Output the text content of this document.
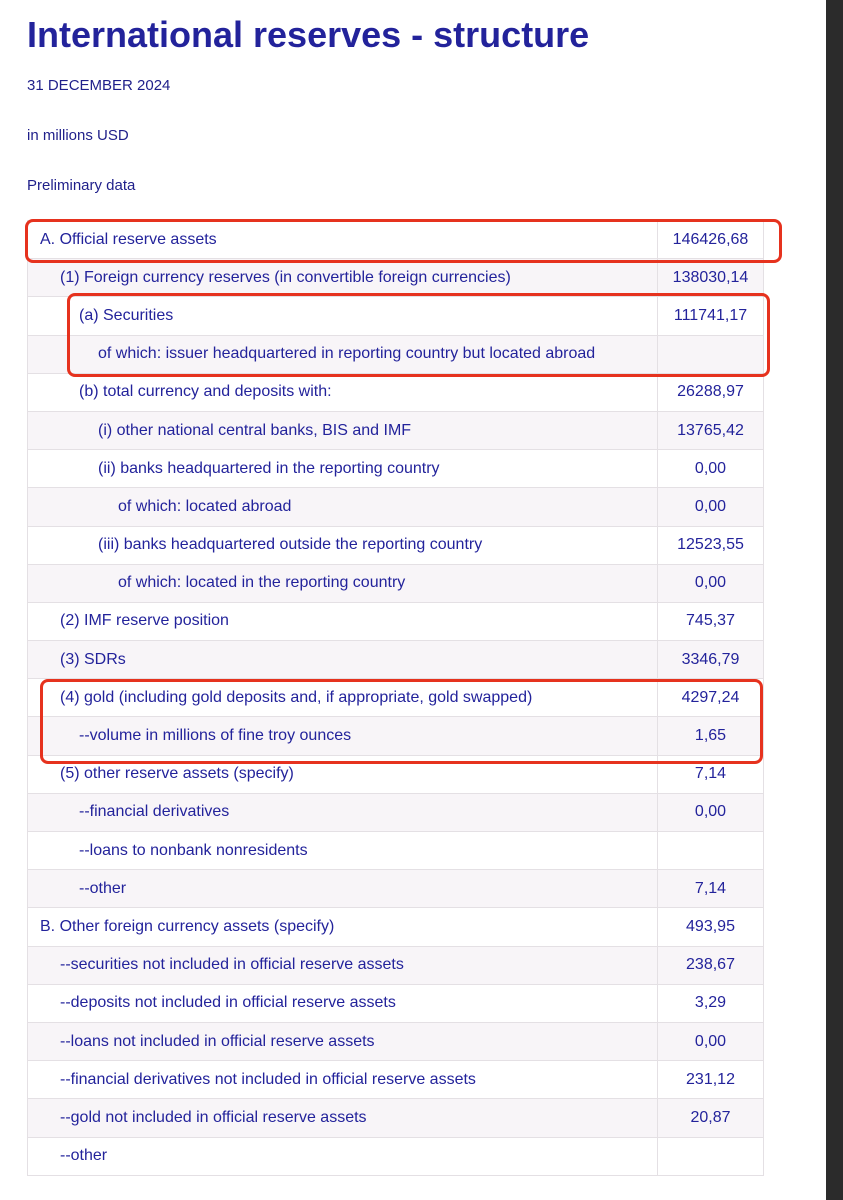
International reserves - structure
31 DECEMBER 2024
in millions USD
Preliminary data
A. Official reserve assets	146426,68
(1) Foreign currency reserves (in convertible foreign currencies)	138030,14
(a) Securities	111741,17
of which: issuer headquartered in reporting country but located abroad	
(b) total currency and deposits with:	26288,97
(i) other national central banks, BIS and IMF	13765,42
(ii) banks headquartered in the reporting country	0,00
of which: located abroad	0,00
(iii) banks headquartered outside the reporting country	12523,55
of which: located in the reporting country	0,00
(2) IMF reserve position	745,37
(3) SDRs	3346,79
(4) gold (including gold deposits and, if appropriate, gold swapped)	4297,24
--volume in millions of fine troy ounces	1,65
(5) other reserve assets (specify)	7,14
--financial derivatives	0,00
--loans to nonbank nonresidents	
--other	7,14
B. Other foreign currency assets (specify)	493,95
--securities not included in official reserve assets	238,67
--deposits not included in official reserve assets	3,29
--loans not included in official reserve assets	0,00
--financial derivatives not included in official reserve assets	231,12
--gold not included in official reserve assets	20,87
--other	
